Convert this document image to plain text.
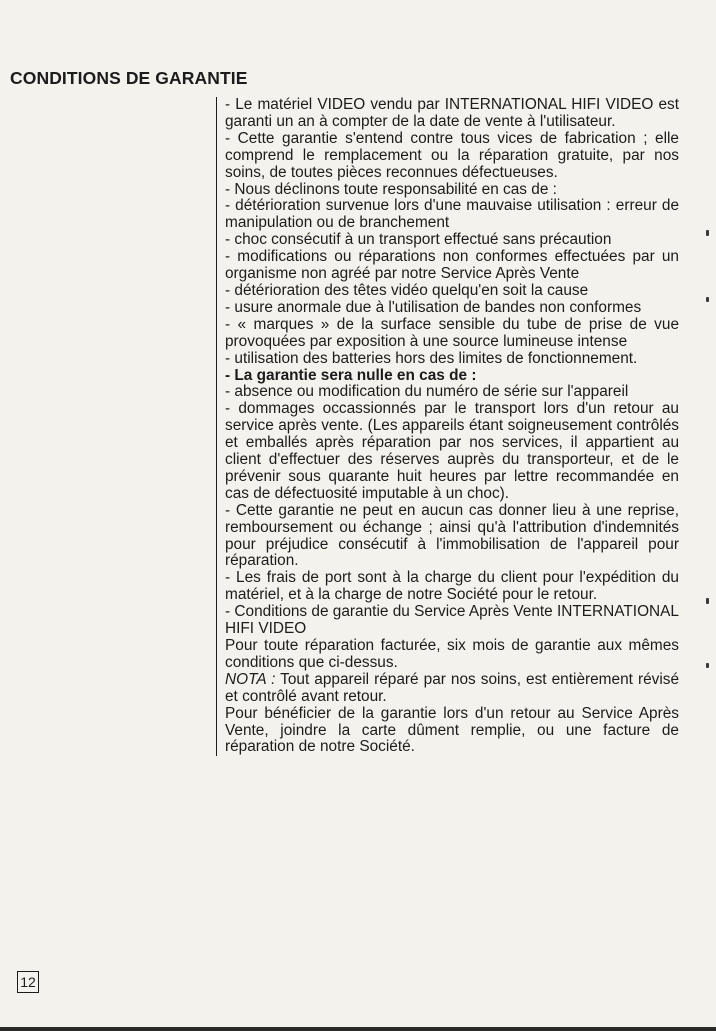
CONDITIONS DE GARANTIE

- Le matériel VIDEO vendu par INTERNATIONAL HIFI VIDEO est garanti un an à compter de la date de vente à l'utilisateur.

- Cette garantie s'entend contre tous vices de fabrication ; elle comprend le remplacement ou la réparation gratuite, par nos soins, de toutes pièces reconnues défectueuses.

- Nous déclinons toute responsabilité en cas de :

- détérioration survenue lors d'une mauvaise utilisation : erreur de manipulation ou de branchement

- choc consécutif à un transport effectué sans précaution

- modifications ou réparations non conformes effectuées par un organisme non agréé par notre Service Après Vente

- détérioration des têtes vidéo quelqu'en soit la cause

- usure anormale due à l'utilisation de bandes non conformes

- « marques » de la surface sensible du tube de prise de vue provoquées par exposition à une source lumineuse intense

- utilisation des batteries hors des limites de fonctionnement.

- La garantie sera nulle en cas de :

- absence ou modification du numéro de série sur l'appareil

- dommages occassionnés par le transport lors d'un retour au service après vente. (Les appareils étant soigneusement contrôlés et emballés après réparation par nos services, il appartient au client d'effectuer des réserves auprès du transporteur, et de le prévenir sous quarante huit heures par lettre recommandée en cas de défectuosité imputable à un choc).

- Cette garantie ne peut en aucun cas donner lieu à une reprise, remboursement ou échange ; ainsi qu'à l'attribution d'indemnités pour préjudice consécutif à l'immobilisation de l'appareil pour réparation.

- Les frais de port sont à la charge du client pour l'expédition du matériel, et à la charge de notre Société pour le retour.

- Conditions de garantie du Service Après Vente INTERNATIONAL HIFI VIDEO

Pour toute réparation facturée, six mois de garantie aux mêmes conditions que ci-dessus.

NOTA : Tout appareil réparé par nos soins, est entièrement révisé et contrôlé avant retour.

Pour bénéficier de la garantie lors d'un retour au Service Après Vente, joindre la carte dûment remplie, ou une facture de réparation de notre Société.

12
